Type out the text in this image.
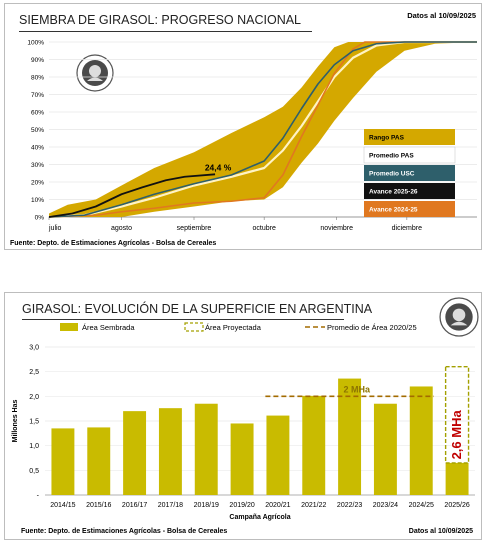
SIEMBRA DE GIRASOL: PROGRESO NACIONAL	Datos al 10/09/2025
0%
10%
20%
30%
40%
50%
60%
70%
80%
90%
100%
julio	agosto	septiembre	octubre	noviembre	diciembre
24,4 %
Rango PAS
Promedio PAS
Promedio USC
Avance 2025-26
Avance 2024-25
Fuente: Depto. de Estimaciones Agrícolas - Bolsa de Cereales
GIRASOL: EVOLUCIÓN DE LA SUPERFICIE EN ARGENTINA
-
0,5
1,0
1,5
2,0
2,5
3,0
Millones Has
2014/15 2015/16 2016/17 2017/18 2018/19 2019/20 2020/21 2021/22 2022/23 2023/24 2024/25
2,6 MHa
2025/26
2 MHa
Campaña Agrícola
Área Sembrada	Área Proyectada	Promedio de Área 2020/25
Fuente: Depto. de Estimaciones Agrícolas - Bolsa de Cereales	Datos al 10/09/2025
